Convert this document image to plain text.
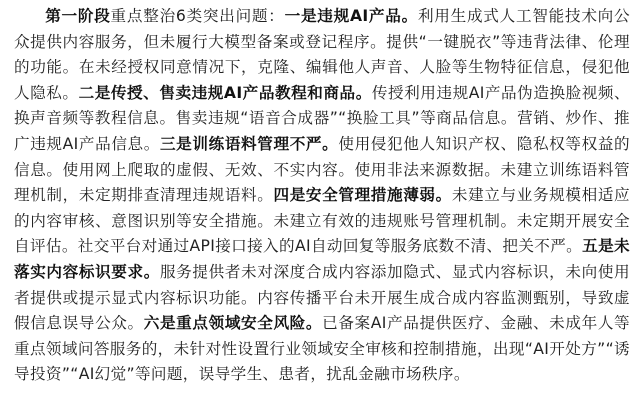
第一阶段重点整治6类突出问题：一是违规AI产品。利用生成式人工智能技术向公众提供内容服务，但未履行大模型备案或登记程序。提供“一键脱衣”等违背法律、伦理的功能。在未经授权同意情况下，克隆、编辑他人声音、人脸等生物特征信息，侵犯他人隐私。二是传授、售卖违规AI产品教程和商品。传授利用违规AI产品伪造换脸视频、换声音频等教程信息。售卖违规“语音合成器”“换脸工具”等商品信息。营销、炒作、推广违规AI产品信息。三是训练语料管理不严。使用侵犯他人知识产权、隐私权等权益的信息。使用网上爬取的虚假、无效、不实内容。使用非法来源数据。未建立训练语料管理机制，未定期排查清理违规语料。四是安全管理措施薄弱。未建立与业务规模相适应的内容审核、意图识别等安全措施。未建立有效的违规账号管理机制。未定期开展安全自评估。社交平台对通过API接口接入的AI自动回复等服务底数不清、把关不严。五是未落实内容标识要求。服务提供者未对深度合成内容添加隐式、显式内容标识，未向使用者提供或提示显式内容标识功能。内容传播平台未开展生成合成内容监测甄别，导致虚假信息误导公众。六是重点领域安全风险。已备案AI产品提供医疗、金融、未成年人等重点领域问答服务的，未针对性设置行业领域安全审核和控制措施，出现“AI开处方”“诱导投资”“AI幻觉”等问题，误导学生、患者，扰乱金融市场秩序。
